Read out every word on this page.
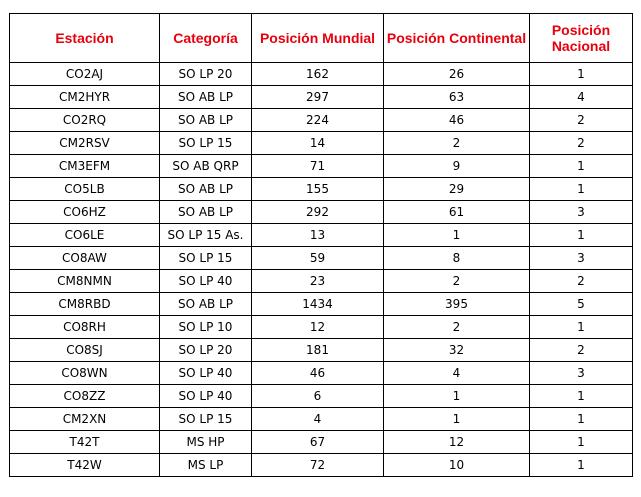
Estación	Categoría	Posición Mundial	Posición Continental	Posición Nacional
CO2AJ	SO LP 20	162	26	1
CM2HYR	SO AB LP	297	63	4
CO2RQ	SO AB LP	224	46	2
CM2RSV	SO LP 15	14	2	2
CM3EFM	SO AB QRP	71	9	1
CO5LB	SO AB LP	155	29	1
CO6HZ	SO AB LP	292	61	3
CO6LE	SO LP 15 As.	13	1	1
CO8AW	SO LP 15	59	8	3
CM8NMN	SO LP 40	23	2	2
CM8RBD	SO AB LP	1434	395	5
CO8RH	SO LP 10	12	2	1
CO8SJ	SO LP 20	181	32	2
CO8WN	SO LP 40	46	4	3
CO8ZZ	SO LP 40	6	1	1
CM2XN	SO LP 15	4	1	1
T42T	MS HP	67	12	1
T42W	MS LP	72	10	1
